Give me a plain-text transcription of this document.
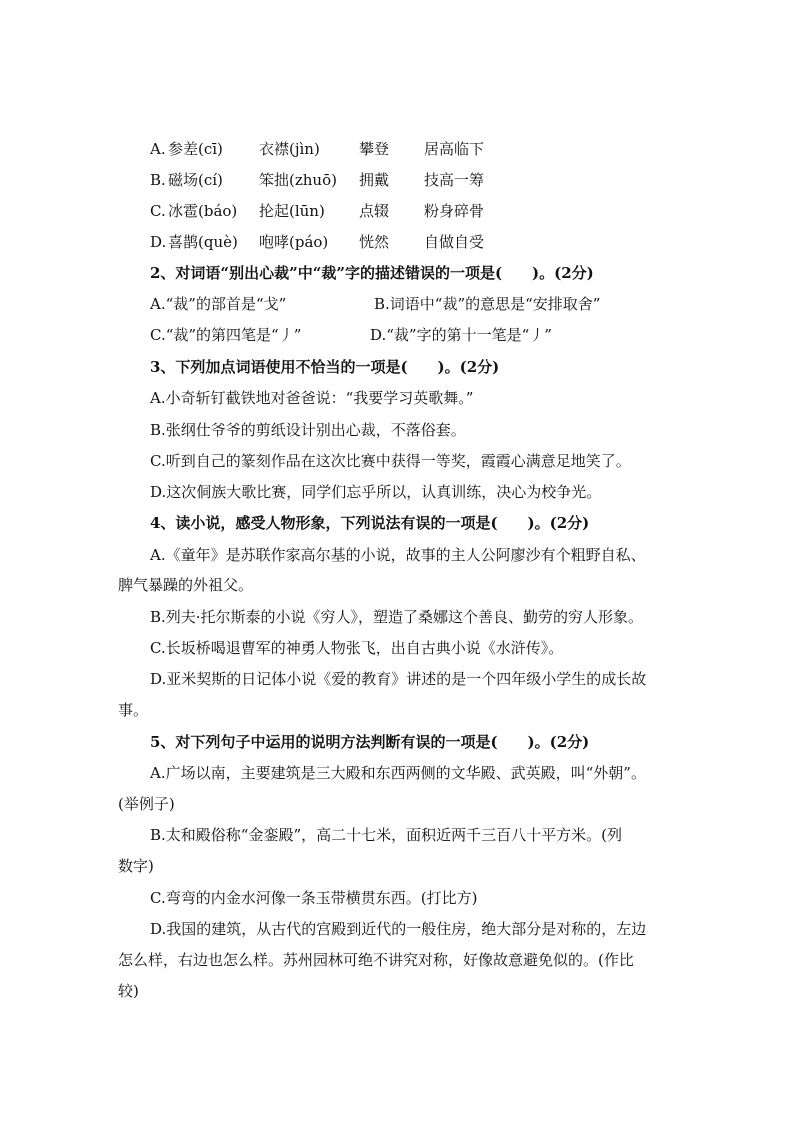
A. 参差(cī) 衣襟(jìn)	攀登 居高临下
B. 磁场(cí) 笨拙(zhuō) 拥戴 技高一筹
C. 冰雹(báo) 抡起(lūn) 点辍 粉身碎骨
D. 喜鹊(què) 咆哮(páo) 恍然 自做自受
2、对词语“别出心裁”中“裁”字的描述错误的一项是(　　)。(2分)
A.“裁”的部首是“戈”	B.词语中“裁”的意思是“安排取舍”
C.“裁”的第四笔是“丿”	D.“裁”字的第十一笔是“丿”
3、下列加点词语使用不恰当的一项是(　　)。(2分)
A.小奇斩钉截铁地对爸爸说：“我要学习英歌舞。”
B.张纲仕爷爷的剪纸设计别出心裁，不落俗套。
C.听到自己的篆刻作品在这次比赛中获得一等奖，霞霞心满意足地笑了。
D.这次侗族大歌比赛，同学们忘乎所以，认真训练，决心为校争光。
4、读小说，感受人物形象，下列说法有误的一项是(　　)。(2分)
A.《童年》是苏联作家高尔基的小说，故事的主人公阿廖沙有个粗野自私、
脾气暴躁的外祖父。
B.列夫·托尔斯泰的小说《穷人》，塑造了桑娜这个善良、勤劳的穷人形象。
C.长坂桥喝退曹军的神勇人物张飞，出自古典小说《水浒传》。
D.亚米契斯的日记体小说《爱的教育》讲述的是一个四年级小学生的成长故
事。
5、对下列句子中运用的说明方法判断有误的一项是(　　)。(2分)
A.广场以南，主要建筑是三大殿和东西两侧的文华殿、武英殿，叫“外朝”。
(举例子)
B.太和殿俗称“金銮殿”，高二十七米，面积近两千三百八十平方米。(列
数字)
C.弯弯的内金水河像一条玉带横贯东西。(打比方)
D.我国的建筑，从古代的宫殿到近代的一般住房，绝大部分是对称的，左边
怎么样，右边也怎么样。苏州园林可绝不讲究对称，好像故意避免似的。(作比
较)
